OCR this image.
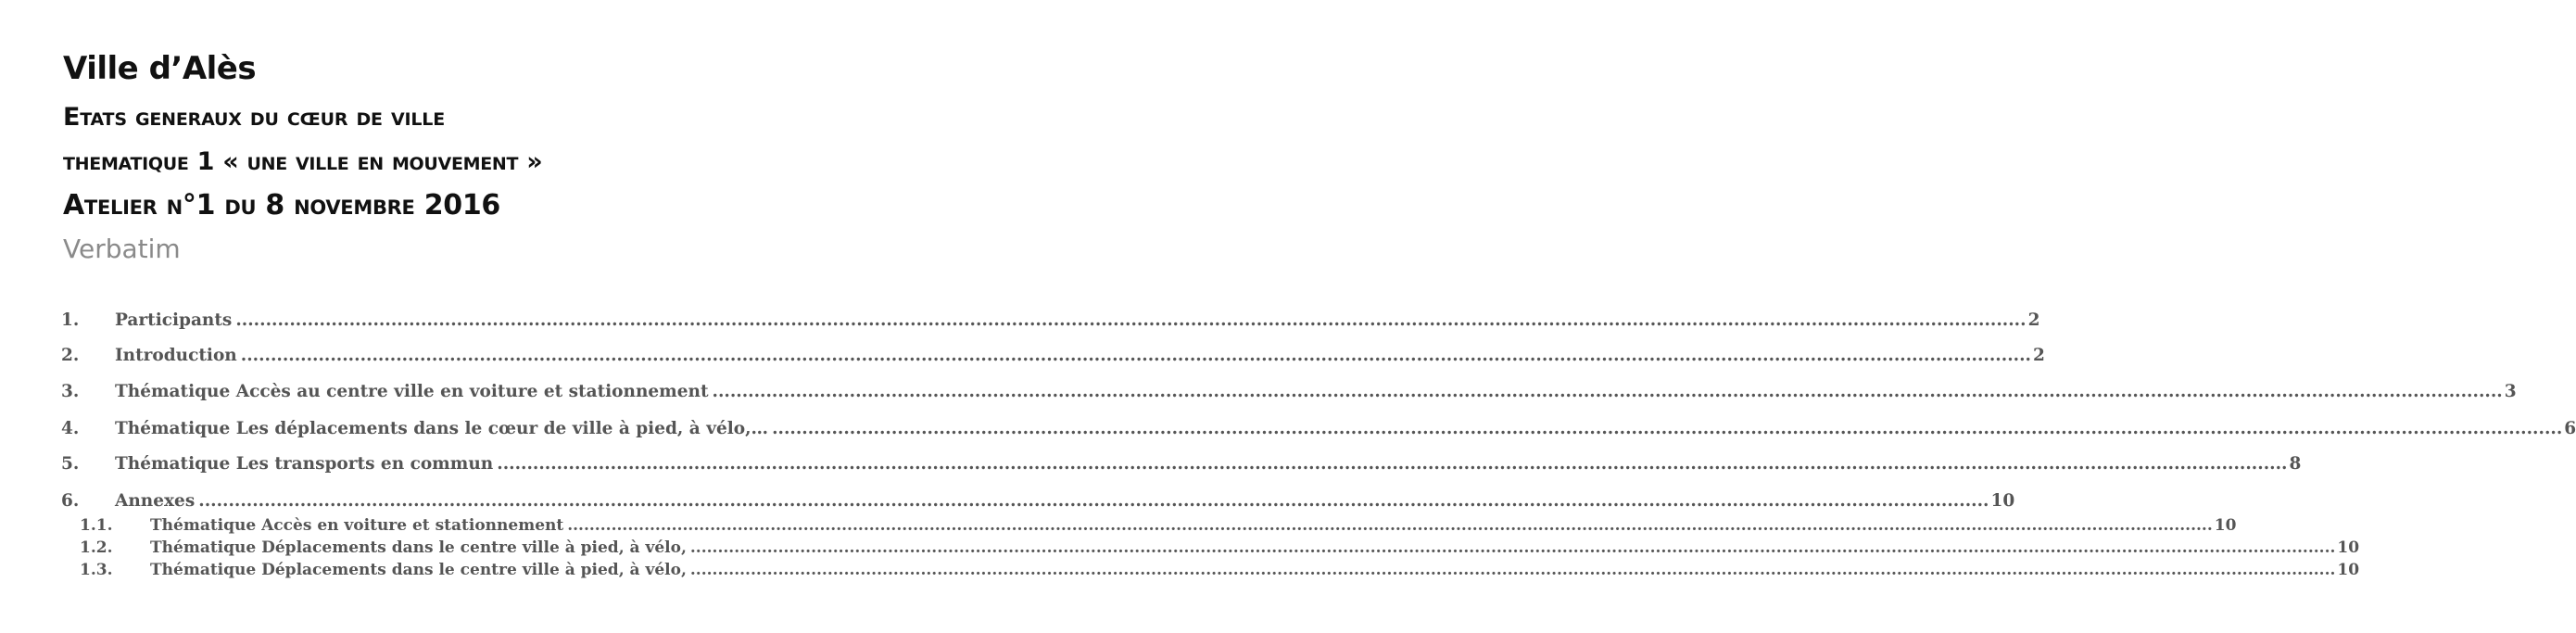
Ville d’Alès
Etats generaux du cœur de ville
thematique 1 « une ville en mouvement »
Atelier n°1 du 8 novembre 2016

Verbatim

1.	Participants ............................................................................................................................................................................................................................................................................................................ 2
2.	Introduction ............................................................................................................................................................................................................................................................................................................ 2
3.	Thématique Accès au centre ville en voiture et stationnement ............................................................................................................................................................................................................................................................................................................ 3
4.	Thématique Les déplacements dans le cœur de ville à pied, à vélo,… ............................................................................................................................................................................................................................................................................................................ 6
5.	Thématique Les transports en commun ............................................................................................................................................................................................................................................................................................................ 8
6.	Annexes ............................................................................................................................................................................................................................................................................................................ 10
1.1.	Thématique Accès en voiture et stationnement ............................................................................................................................................................................................................................................................................................................ 10
1.2.	Thématique Déplacements dans le centre ville à pied, à vélo, ............................................................................................................................................................................................................................................................................................................ 10
1.3.	Thématique Déplacements dans le centre ville à pied, à vélo, ............................................................................................................................................................................................................................................................................................................ 10
